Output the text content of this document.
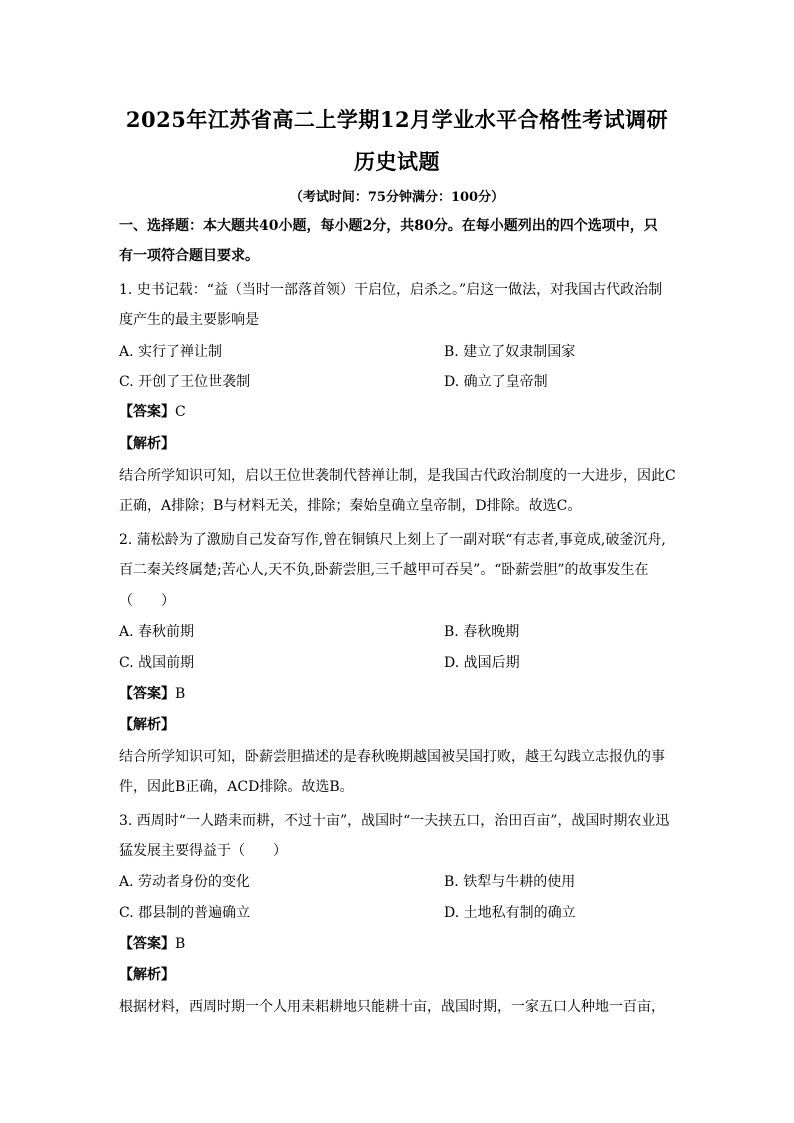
2025年江苏省高二上学期12月学业水平合格性考试调研
历史试题
（考试时间：75分钟满分：100分）
一、选择题：本大题共40小题，每小题2分，共80分。在每小题列出的四个选项中，只
有一项符合题目要求。
1. 史书记载：“益（当时一部落首领）干启位，启杀之。”启这一做法，对我国古代政治制
度产生的最主要影响是
A. 实行了禅让制	B. 建立了奴隶制国家
C. 开创了王位世袭制	D. 确立了皇帝制
【答案】C
【解析】
结合所学知识可知，启以王位世袭制代替禅让制，是我国古代政治制度的一大进步，因此C
正确，A排除；B与材料无关，排除；秦始皇确立皇帝制，D排除。故选C。
2. 蒲松龄为了激励自己发奋写作,曾在铜镇尺上刻上了一副对联“有志者,事竟成,破釜沉舟,
百二秦关终属楚;苦心人,天不负,卧薪尝胆,三千越甲可吞吴”。“卧薪尝胆”的故事发生在
（　　）
A. 春秋前期	B. 春秋晚期
C. 战国前期	D. 战国后期
【答案】B
【解析】
结合所学知识可知，卧薪尝胆描述的是春秋晚期越国被吴国打败，越王勾践立志报仇的事
件，因此B正确，ACD排除。故选B。
3. 西周时“一人踏耒而耕，不过十亩”，战国时“一夫挟五口，治田百亩”，战国时期农业迅
猛发展主要得益于（　　）
A. 劳动者身份的变化	B. 铁犁与牛耕的使用
C. 郡县制的普遍确立	D. 土地私有制的确立
【答案】B
【解析】
根据材料，西周时期一个人用耒耜耕地只能耕十亩，战国时期，一家五口人种地一百亩，
